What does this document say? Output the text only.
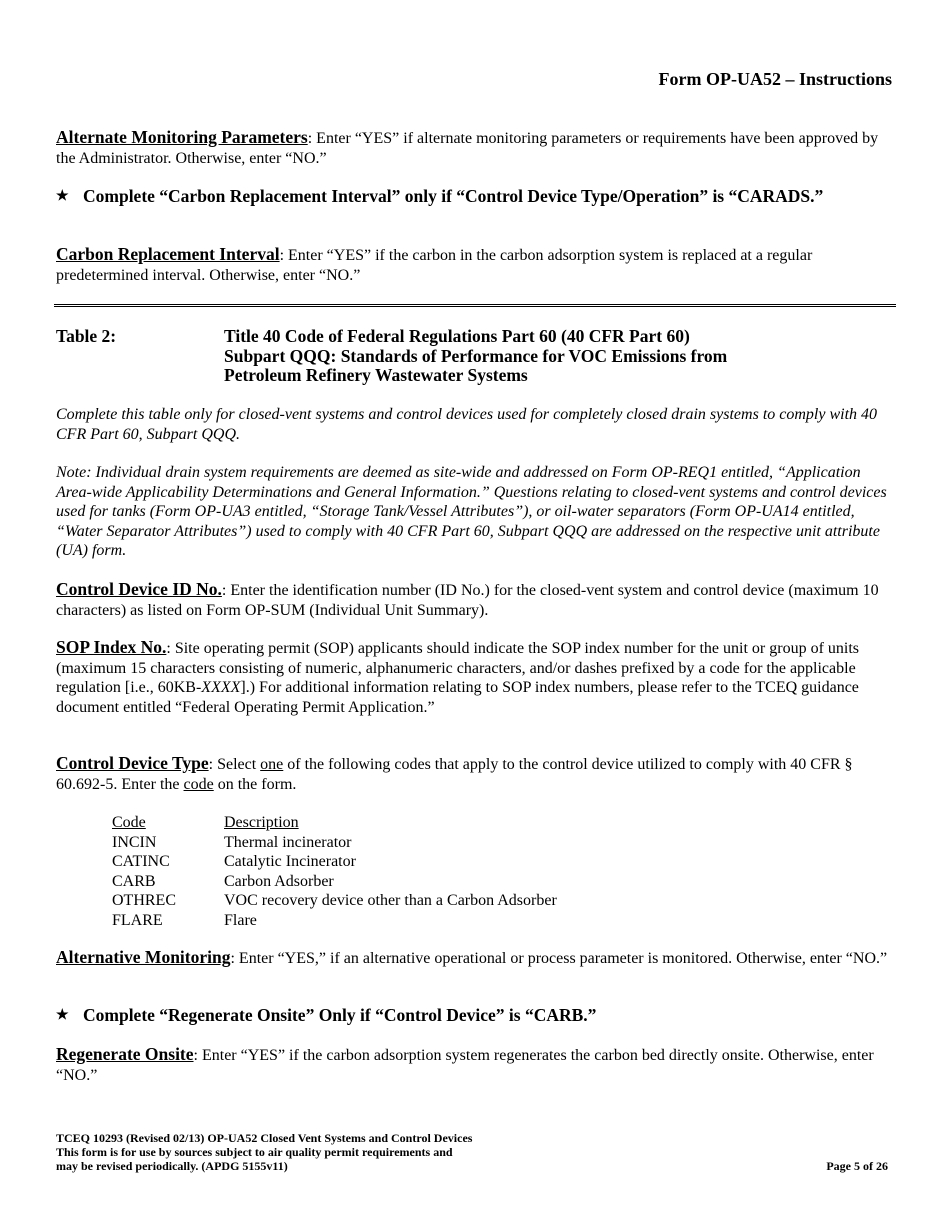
Form OP-UA52 – Instructions

Alternate Monitoring Parameters: Enter “YES” if alternate monitoring parameters or requirements have been approved by the Administrator. Otherwise, enter “NO.”

★ Complete “Carbon Replacement Interval” only if “Control Device Type/Operation” is “CARADS.”

Carbon Replacement Interval: Enter “YES” if the carbon in the carbon adsorption system is replaced at a regular predetermined interval. Otherwise, enter “NO.”

Table 2:	Title 40 Code of Federal Regulations Part 60 (40 CFR Part 60)
Subpart QQQ: Standards of Performance for VOC Emissions from
Petroleum Refinery Wastewater Systems

Complete this table only for closed-vent systems and control devices used for completely closed drain systems to comply with 40 CFR Part 60, Subpart QQQ.

Note: Individual drain system requirements are deemed as site-wide and addressed on Form OP-REQ1 entitled, “Application Area-wide Applicability Determinations and General Information.” Questions relating to closed-vent systems and control devices used for tanks (Form OP-UA3 entitled, “Storage Tank/Vessel Attributes”), or oil-water separators (Form OP-UA14 entitled, “Water Separator Attributes”) used to comply with 40 CFR Part 60, Subpart QQQ are addressed on the respective unit attribute (UA) form.

Control Device ID No.: Enter the identification number (ID No.) for the closed-vent system and control device (maximum 10 characters) as listed on Form OP-SUM (Individual Unit Summary).

SOP Index No.: Site operating permit (SOP) applicants should indicate the SOP index number for the unit or group of units (maximum 15 characters consisting of numeric, alphanumeric characters, and/or dashes prefixed by a code for the applicable regulation [i.e., 60KB-XXXX].) For additional information relating to SOP index numbers, please refer to the TCEQ guidance document entitled “Federal Operating Permit Application.”

Control Device Type: Select one of the following codes that apply to the control device utilized to comply with 40 CFR § 60.692-5. Enter the code on the form.

Code	Description
INCIN	Thermal incinerator
CATINC	Catalytic Incinerator
CARB	Carbon Adsorber
OTHREC	VOC recovery device other than a Carbon Adsorber
FLARE	Flare

Alternative Monitoring: Enter “YES,” if an alternative operational or process parameter is monitored. Otherwise, enter “NO.”

★ Complete “Regenerate Onsite” Only if “Control Device” is “CARB.”

Regenerate Onsite: Enter “YES” if the carbon adsorption system regenerates the carbon bed directly onsite. Otherwise, enter “NO.”

TCEQ 10293 (Revised 02/13) OP-UA52 Closed Vent Systems and Control Devices
This form is for use by sources subject to air quality permit requirements and
may be revised periodically. (APDG 5155v11)	Page 5 of 26
